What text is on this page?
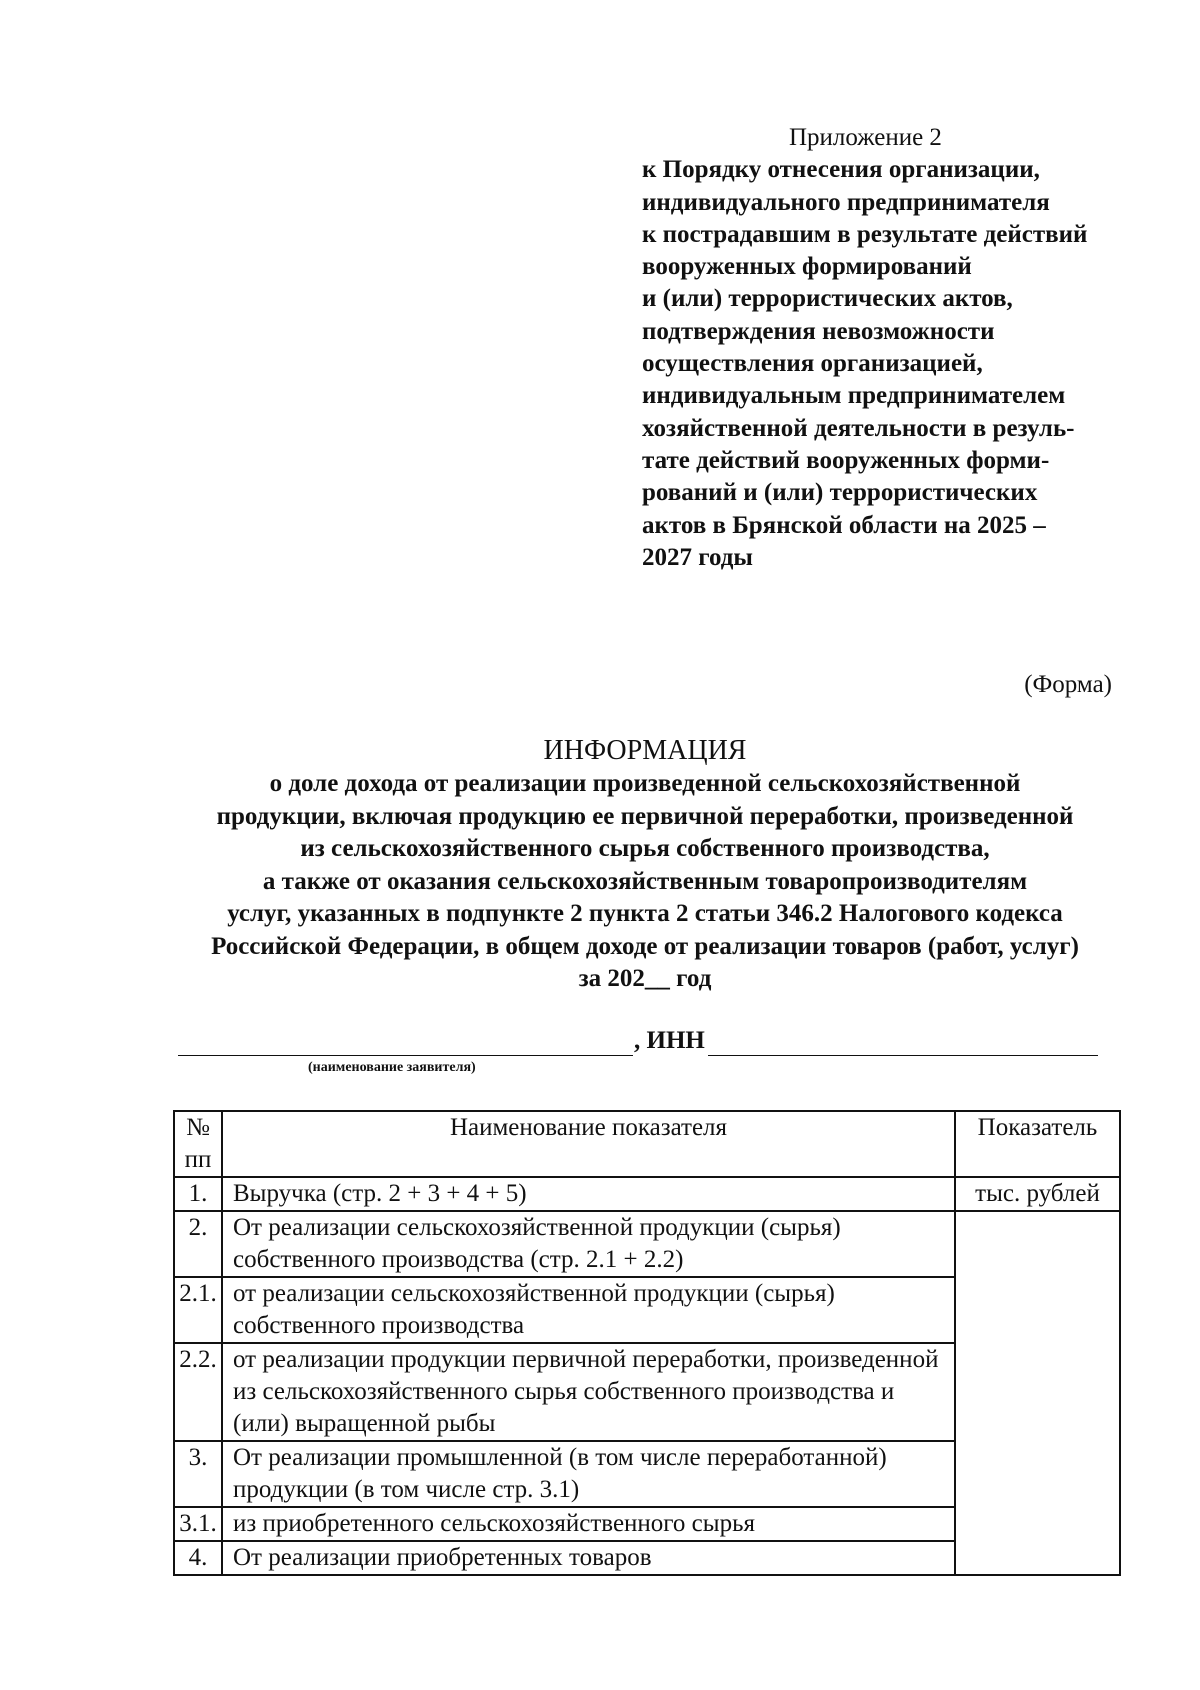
Приложение 2
к Порядку отнесения организации,
индивидуального предпринимателя
к пострадавшим в результате действий
вооруженных формирований
и (или) террористических актов,
подтверждения невозможности
осуществления организацией,
индивидуальным предпринимателем
хозяйственной деятельности в резуль-
тате действий вооруженных форми-
рований и (или) террористических
актов в Брянской области на 2025 –
2027 годы
(Форма)
ИНФОРМАЦИЯ
о доле дохода от реализации произведенной сельскохозяйственной
продукции, включая продукцию ее первичной переработки, произведенной
из сельскохозяйственного сырья собственного производства,
а также от оказания сельскохозяйственным товаропроизводителям
услуг, указанных в подпункте 2 пункта 2 статьи 346.2 Налогового кодекса
Российской Федерации, в общем доходе от реализации товаров (работ, услуг)
за 202__ год
, ИНН
(наименование заявителя)
№ пп	Наименование показателя	Показатель
1.	Выручка (стр. 2 + 3 + 4 + 5)	тыс. рублей
2.	От реализации сельскохозяйственной продукции (сырья) собственного производства (стр. 2.1 + 2.2)	
2.1.	от реализации сельскохозяйственной продукции (сырья) собственного производства	
2.2.	от реализации продукции первичной переработки, произведенной из сельскохозяйственного сырья собственного производства и (или) выращенной рыбы	
3.	От реализации промышленной (в том числе переработанной) продукции (в том числе стр. 3.1)	
3.1.	из приобретенного сельскохозяйственного сырья	
4.	От реализации приобретенных товаров	
